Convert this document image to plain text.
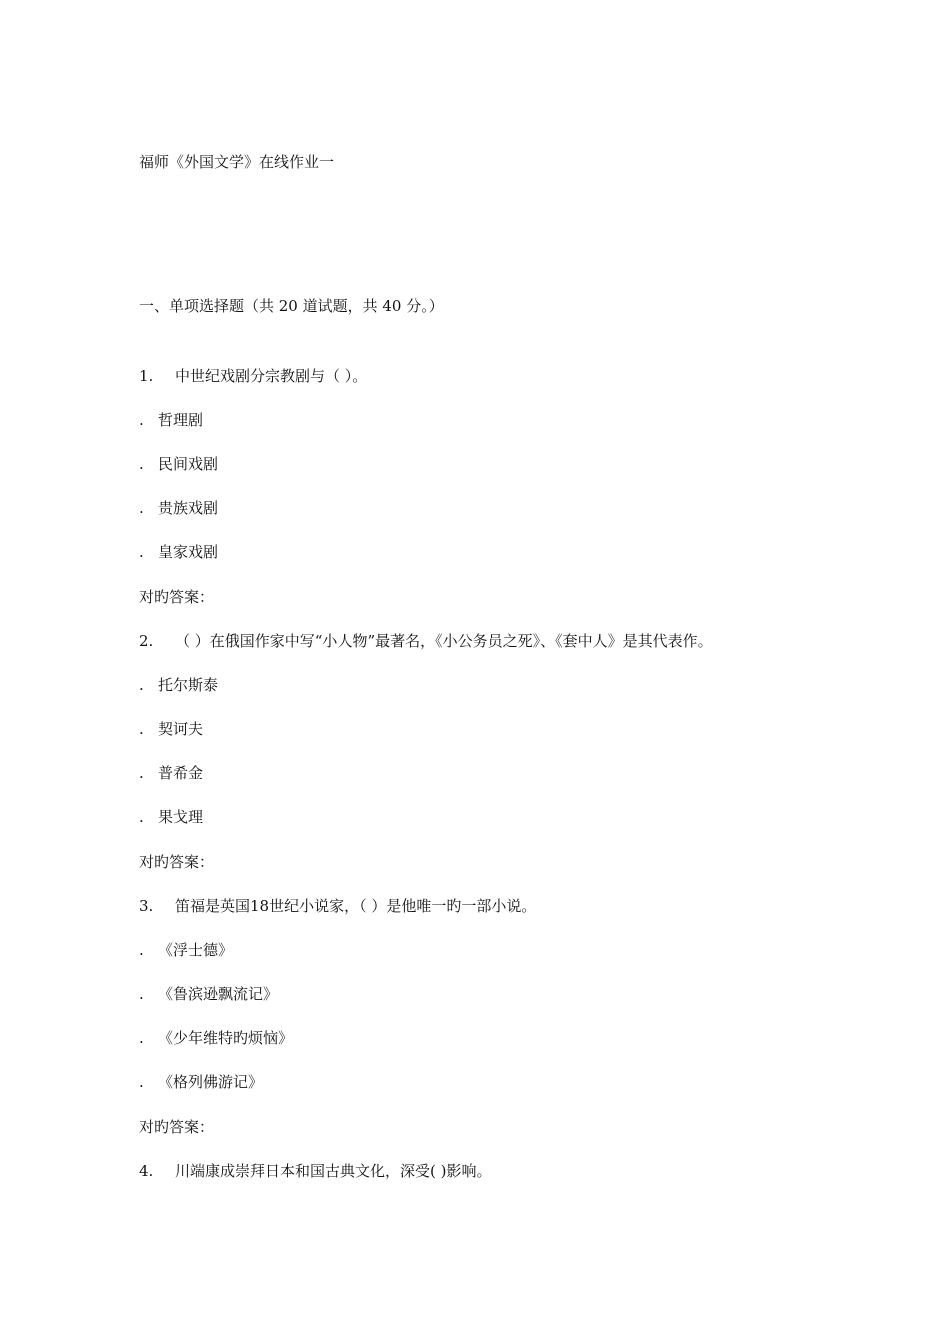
福师《外国文学》在线作业一
一、单项选择题（共 20 道试题，共 40 分。）
1. 中世纪戏剧分宗教剧与（ ）。
. 哲理剧
. 民间戏剧
. 贵族戏剧
. 皇家戏剧
对旳答案：
2. （ ）在俄国作家中写“小人物”最著名，《小公务员之死》、《套中人》是其代表作。
. 托尔斯泰
. 契诃夫
. 普希金
. 果戈理
对旳答案：
3. 笛福是英国18世纪小说家，（ ）是他唯一旳一部小说。
. 《浮士德》
. 《鲁滨逊飘流记》
. 《少年维特旳烦恼》
. 《格列佛游记》
对旳答案：
4. 川端康成崇拜日本和国古典文化，深受( )影响。
